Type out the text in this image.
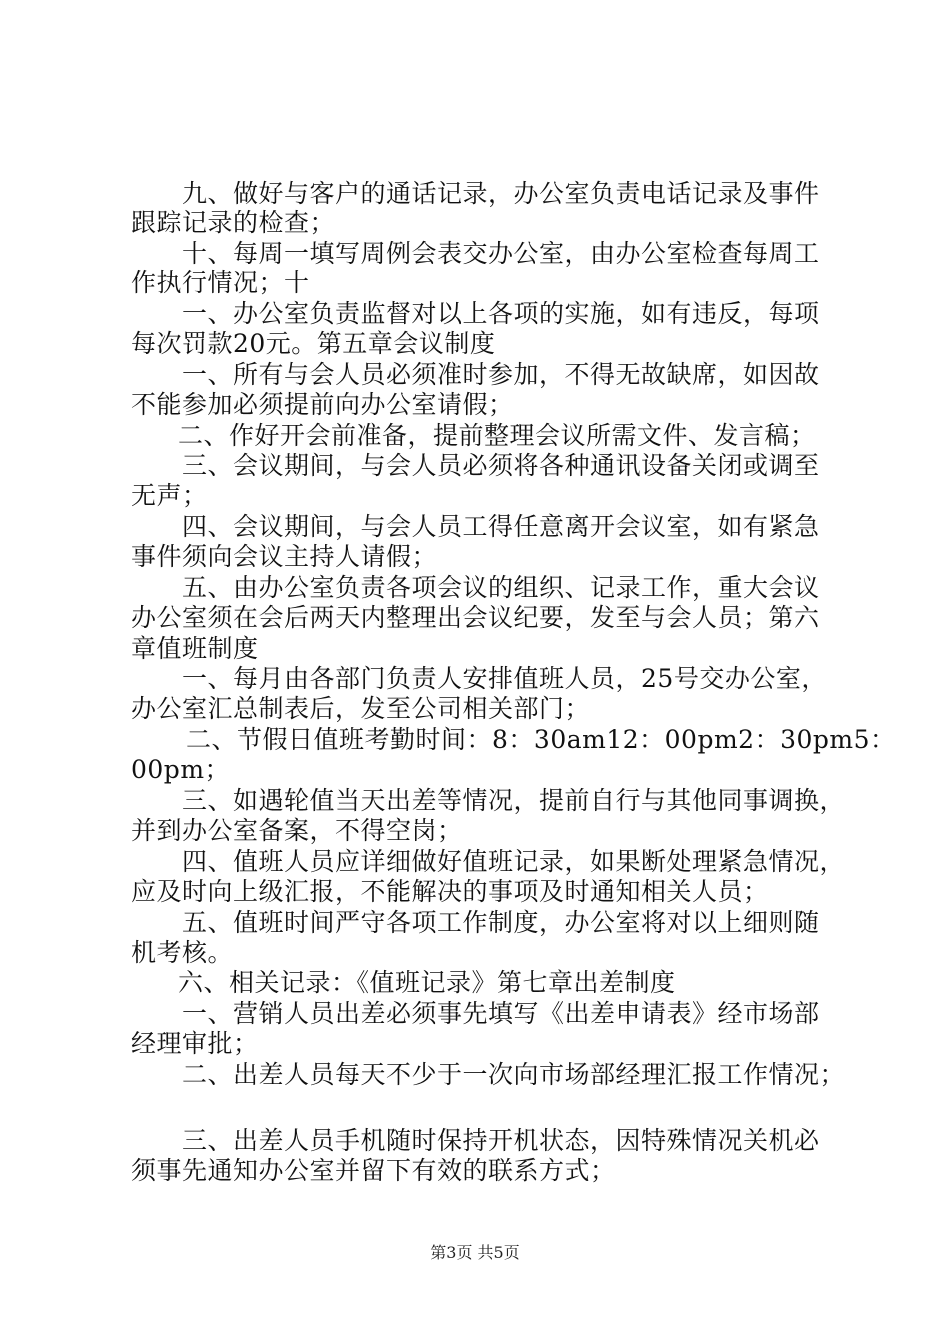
九、做好与客户的通话记录，办公室负责电话记录及事件
跟踪记录的检查；
十、每周一填写周例会表交办公室，由办公室检查每周工
作执行情况；十
一、办公室负责监督对以上各项的实施，如有违反，每项
每次罚款20元。第五章会议制度
一、所有与会人员必须准时参加，不得无故缺席，如因故
不能参加必须提前向办公室请假；
二、作好开会前准备，提前整理会议所需文件、发言稿；
三、会议期间，与会人员必须将各种通讯设备关闭或调至
无声；
四、会议期间，与会人员工得任意离开会议室，如有紧急
事件须向会议主持人请假；
五、由办公室负责各项会议的组织、记录工作，重大会议
办公室须在会后两天内整理出会议纪要，发至与会人员；第六
章值班制度
一、每月由各部门负责人安排值班人员，25号交办公室，
办公室汇总制表后，发至公司相关部门；
二、节假日值班考勤时间：8：30am12：00pm2：30pm5：
00pm；
三、如遇轮值当天出差等情况，提前自行与其他同事调换，
并到办公室备案，不得空岗；
四、值班人员应详细做好值班记录，如果断处理紧急情况，
应及时向上级汇报，不能解决的事项及时通知相关人员；
五、值班时间严守各项工作制度，办公室将对以上细则随
机考核。
六、相关记录：《值班记录》第七章出差制度
一、营销人员出差必须事先填写《出差申请表》经市场部
经理审批；
二、出差人员每天不少于一次向市场部经理汇报工作情况；
三、出差人员手机随时保持开机状态，因特殊情况关机必
须事先通知办公室并留下有效的联系方式；
第3页 共5页
